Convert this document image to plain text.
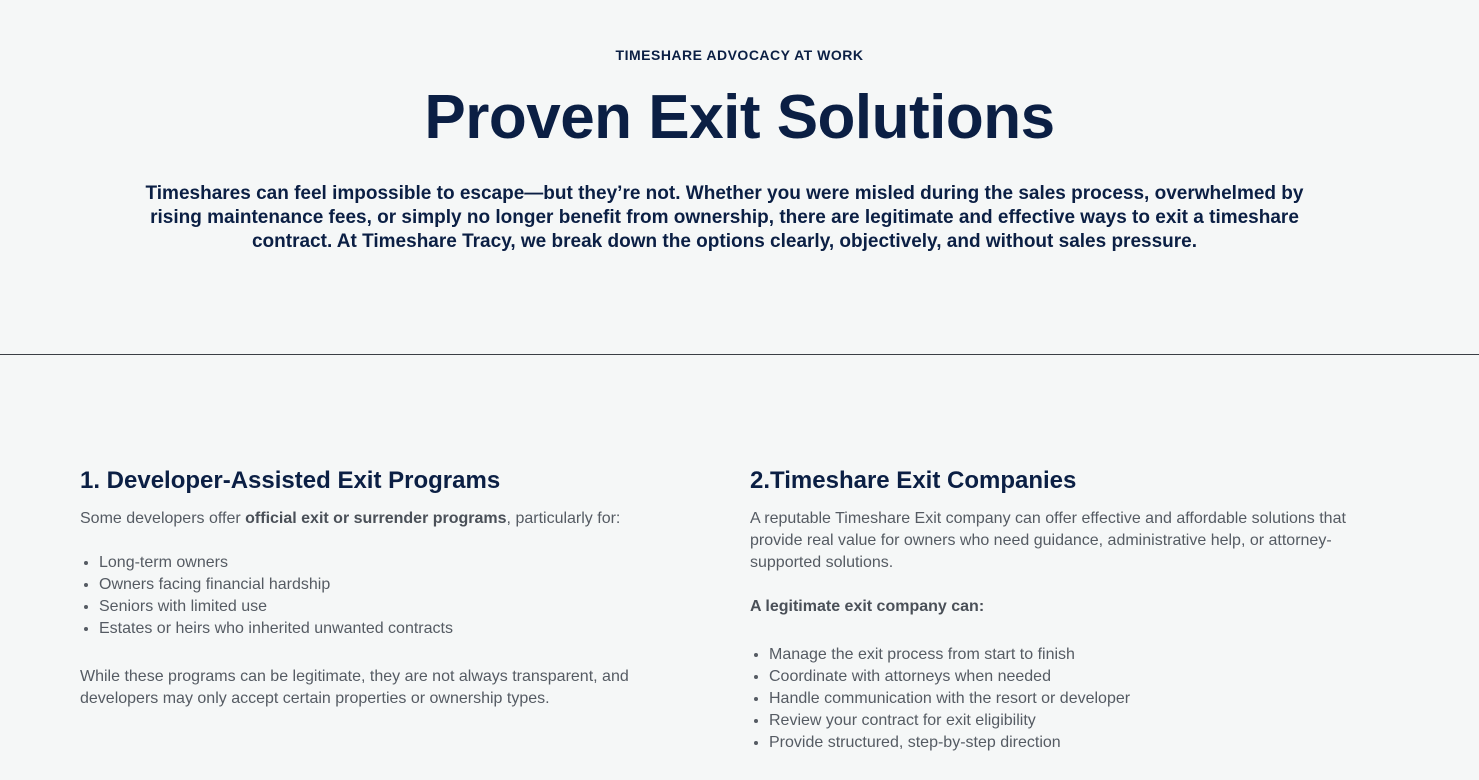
TIMESHARE ADVOCACY AT WORK
Proven Exit Solutions

Timeshares can feel impossible to escape—but they’re not. Whether you were misled during the sales process, overwhelmed by rising maintenance fees, or simply no longer benefit from ownership, there are legitimate and effective ways to exit a timeshare contract. At Timeshare Tracy, we break down the options clearly, objectively, and without sales pressure.

1. Developer-Assisted Exit Programs

Some developers offer official exit or surrender programs, particularly for:

• Long-term owners
• Owners facing financial hardship
• Seniors with limited use
• Estates or heirs who inherited unwanted contracts

While these programs can be legitimate, they are not always transparent, and developers may only accept certain properties or ownership types.

2.Timeshare Exit Companies

A reputable Timeshare Exit company can offer effective and affordable solutions that provide real value for owners who need guidance, administrative help, or attorney-supported solutions.

A legitimate exit company can:

• Manage the exit process from start to finish
• Coordinate with attorneys when needed
• Handle communication with the resort or developer
• Review your contract for exit eligibility
• Provide structured, step-by-step direction
